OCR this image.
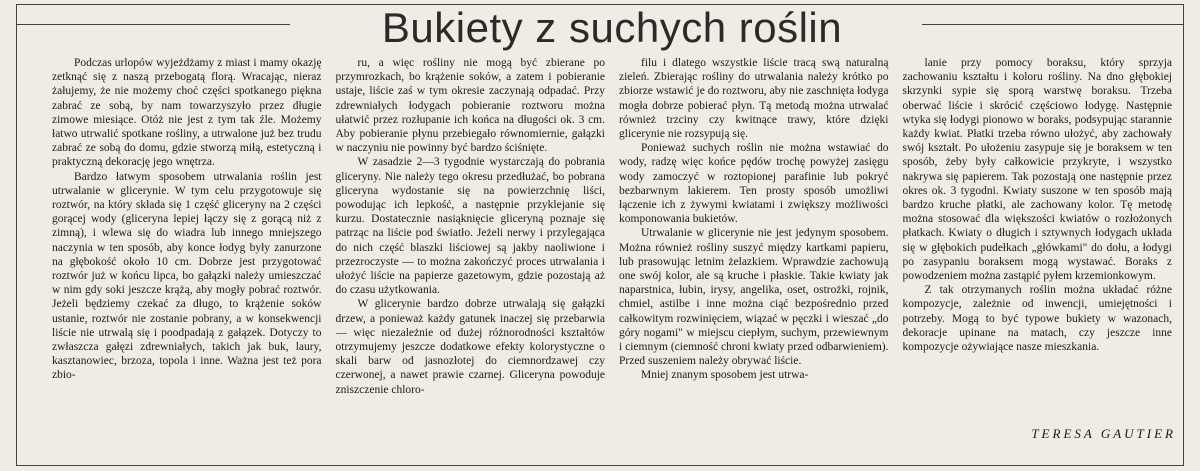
Bukiety z suchych roślin

Podczas urlopów wyjeżdżamy z miast i mamy okazję zetknąć się z naszą przebogatą florą. Wracając, nieraz żałujemy, że nie możemy choć części spotkanego piękna zabrać ze sobą, by nam towarzyszyło przez długie zimowe miesiące. Otóż nie jest z tym tak źle. Możemy łatwo utrwalić spotkane rośliny, a utrwalone już bez trudu zabrać ze sobą do domu, gdzie stworzą miłą, estetyczną i praktyczną dekorację jego wnętrza.

Bardzo łatwym sposobem utrwalania roślin jest utrwalanie w glicerynie. W tym celu przygotowuje się roztwór, na który składa się 1 część gliceryny na 2 części gorącej wody (gliceryna lepiej łączy się z gorącą niż z zimną), i wlewa się do wiadra lub innego mniejszego naczynia w ten sposób, aby konce łodyg były zanurzone na głębokość około 10 cm. Dobrze jest przygotować roztwór już w końcu lipca, bo gałązki należy umieszczać w nim gdy soki jeszcze krążą, aby mogły pobrać roztwór. Jeżeli będziemy czekać za długo, to krążenie soków ustanie, roztwór nie zostanie pobrany, a w konsekwencji liście nie utrwalą się i poodpadają z gałązek. Dotyczy to zwłaszcza gałęzi zdrewniałych, takich jak buk, laury, kasztanowiec, brzoza, topola i inne. Ważna jest też pora zbio-

ru, a więc rośliny nie mogą być zbierane po przymrozkach, bo krążenie soków, a zatem i pobieranie ustaje, liście zaś w tym okresie zaczynają odpadać. Przy zdrewniałych łodygach pobieranie roztworu można ułatwić przez rozłupanie ich końca na długości ok. 3 cm. Aby pobieranie płynu przebiegało równomiernie, gałązki w naczyniu nie powinny być bardzo ściśnięte.

W zasadzie 2—3 tygodnie wystarczają do pobrania gliceryny. Nie należy tego okresu przedłużać, bo pobrana gliceryna wydostanie się na powierzchnię liści, powodując ich lepkość, a następnie przyklejanie się kurzu. Dostatecznie nasiąknięcie gliceryną poznaje się patrząc na liście pod światło. Jeżeli nerwy i przylegająca do nich część blaszki liściowej są jakby naoliwione i przezroczyste — to można zakończyć proces utrwalania i ułożyć liście na papierze gazetowym, gdzie pozostają aż do czasu użytkowania.

W glicerynie bardzo dobrze utrwalają się gałązki drzew, a ponieważ każdy gatunek inaczej się przebarwia — więc niezależnie od dużej różnorodności kształtów otrzymujemy jeszcze dodatkowe efekty kolorystyczne o skali barw od jasnozłotej do ciemnordzawej czy czerwonej, a nawet prawie czarnej. Gliceryna powoduje zniszczenie chloro-

filu i dlatego wszystkie liście tracą swą naturalną zieleń. Zbierając rośliny do utrwalania należy krótko po zbiorze wstawić je do roztworu, aby nie zaschnięta łodyga mogła dobrze pobierać płyn. Tą metodą można utrwalać również trzciny czy kwitnące trawy, które dzięki glicerynie nie rozsypują się.

Ponieważ suchych roślin nie można wstawiać do wody, radzę więc końce pędów trochę powyżej zasięgu wody zamoczyć w roztopionej parafinie lub pokryć bezbarwnym lakierem. Ten prosty sposób umożliwi łączenie ich z żywymi kwiatami i zwiększy możliwości komponowania bukietów.

Utrwalanie w glicerynie nie jest jedynym sposobem. Można również rośliny suszyć między kartkami papieru, lub prasowując letnim żelazkiem. Wprawdzie zachowują one swój kolor, ale są kruche i płaskie. Takie kwiaty jak naparstnica, łubin, irysy, angelika, oset, ostrożki, rojnik, chmiel, astilbe i inne można ciąć bezpośrednio przed całkowitym rozwinięciem, wiązać w pęczki i wieszać „do góry nogami" w miejscu ciepłym, suchym, przewiewnym i ciemnym (ciemność chroni kwiaty przed odbarwieniem). Przed suszeniem należy obrywać liście.

Mniej znanym sposobem jest utrwa-

lanie przy pomocy boraksu, który sprzyja zachowaniu kształtu i koloru rośliny. Na dno głębokiej skrzynki sypie się sporą warstwę boraksu. Trzeba oberwać liście i skrócić częściowo łodygę. Następnie wtyka się łodygi pionowo w boraks, podsypując starannie każdy kwiat. Płatki trzeba równo ułożyć, aby zachowały swój kształt. Po ułożeniu zasypuje się je boraksem w ten sposób, żeby były całkowicie przykryte, i wszystko nakrywa się papierem. Tak pozostają one następnie przez okres ok. 3 tygodni. Kwiaty suszone w ten sposób mają bardzo kruche płatki, ale zachowany kolor. Tę metodę można stosować dla większości kwiatów o rozłożonych płatkach. Kwiaty o długich i sztywnych łodygach układa się w głębokich pudełkach „główkami" do dołu, a łodygi po zasypaniu boraksem mogą wystawać. Boraks z powodzeniem można zastąpić pyłem krzemionkowym.

Z tak otrzymanych roślin można układać różne kompozycje, zależnie od inwencji, umiejętności i potrzeby. Mogą to być typowe bukiety w wazonach, dekoracje upinane na matach, czy jeszcze inne kompozycje ożywiające nasze mieszkania.

TERESA GAUTIER
